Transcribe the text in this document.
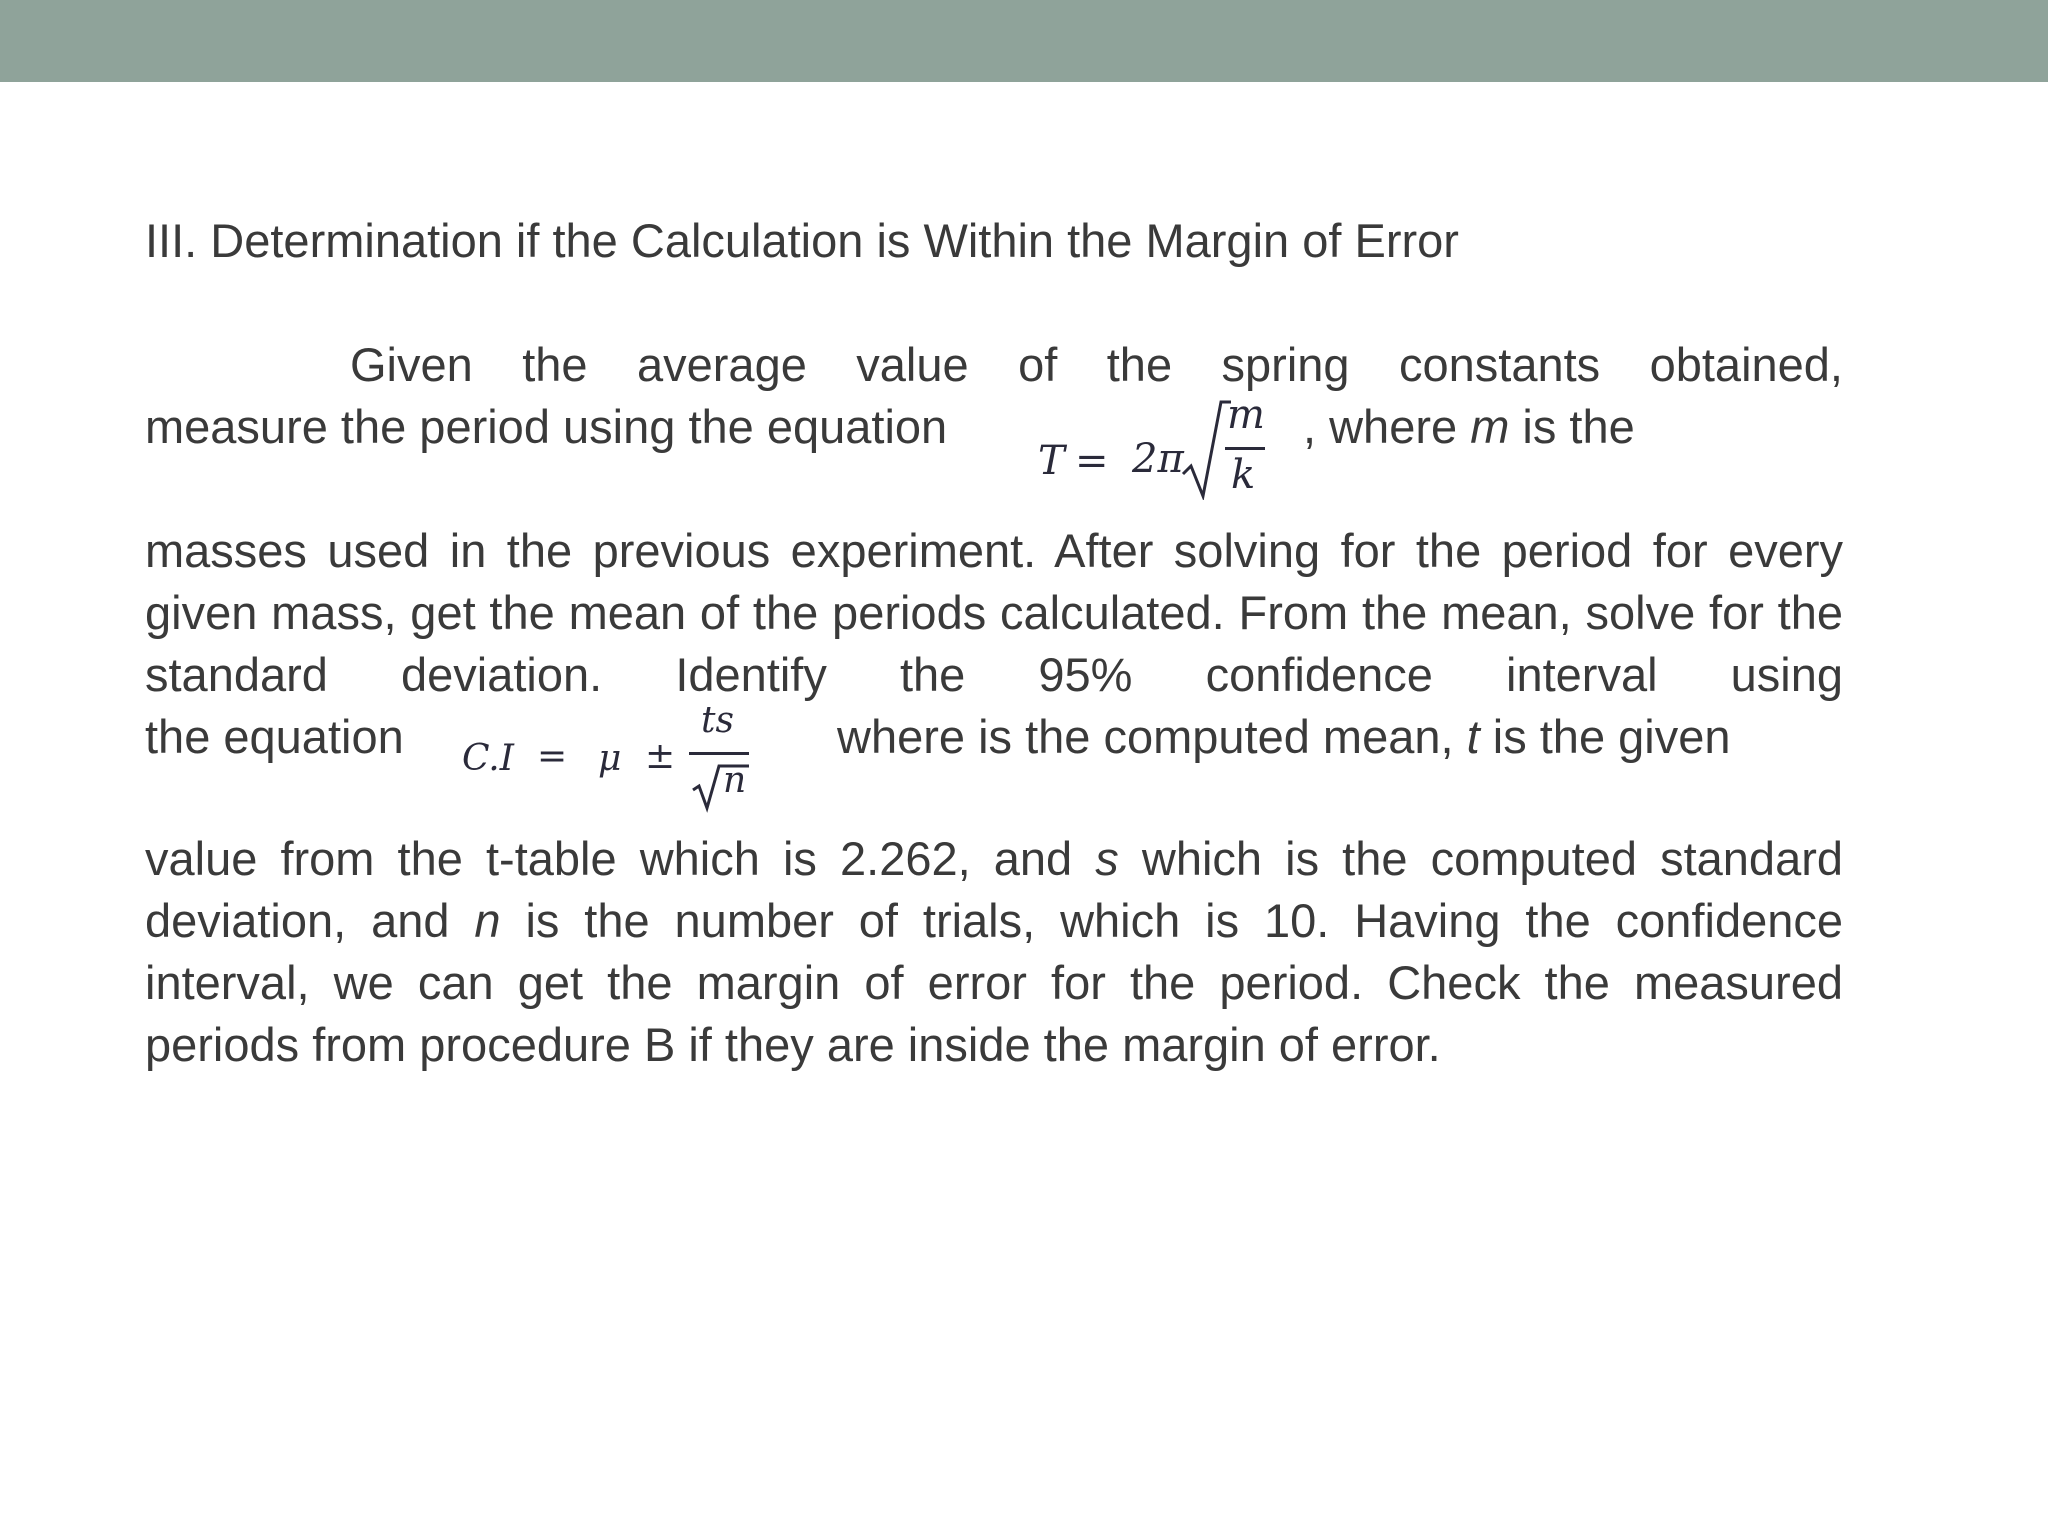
III. Determination if the Calculation is Within the Margin of Error

Given the average value of the spring constants obtained,

measure the period using the equation
T = 2π
m
k
, where m is the

masses used in the previous experiment. After solving for the period for every given mass, get the mean of the periods calculated. From the mean, solve for the standard deviation. Identify the 95% confidence interval using

the equation C.I = μ ±
ts
n
where is the computed mean, t is the given

value from the t-table which is 2.262, and s which is the computed standard deviation, and n is the number of trials, which is 10. Having the confidence interval, we can get the margin of error for the period. Check the measured periods from procedure B if they are inside the margin of error.
